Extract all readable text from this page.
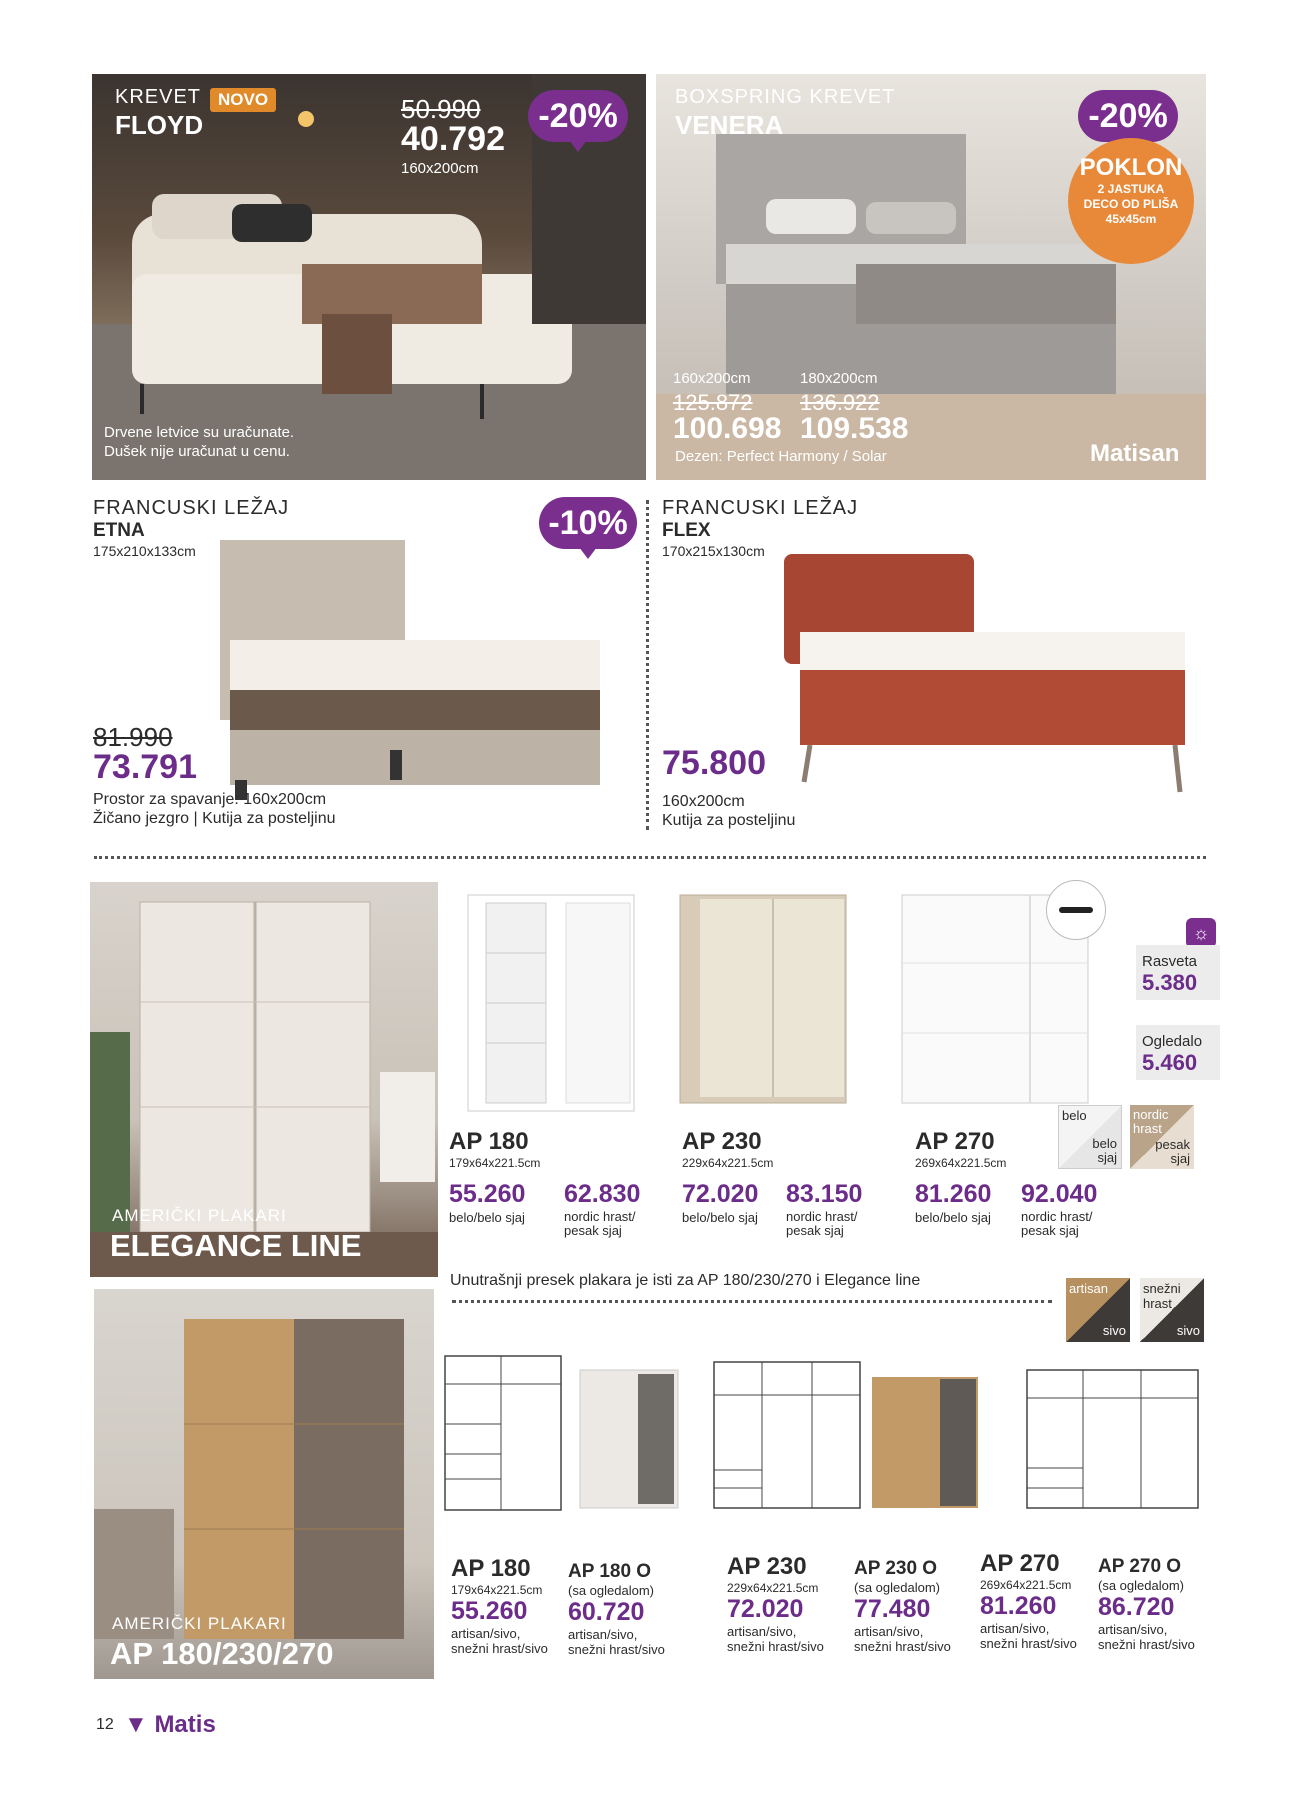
KREVET NOVO
FLOYD
50.990
40.792
160x200cm
-20%
Drvene letvice su uračunate.
Dušek nije uračunat u cenu.
BOXSPRING KREVET
VENERA	-20%
POKLON
2 JASTUKA
DECO OD PLIŠA
45x45cm
160x200cm
125.872
100.698
180x200cm
136.922
109.538
Dezen: Perfect Harmony / Solar	Matisan
FRANCUSKI LEŽAJ
ETNA
175x210x133cm
-10%
81.990
73.791
Prostor za spavanje: 160x200cm
Žičano jezgro | Kutija za posteljinu
FRANCUSKI LEŽAJ
FLEX
170x215x130cm
75.800
160x200cm
Kutija za posteljinu
AMERIČKI PLAKARI
ELEGANCE LINE
☼
Rasveta
5.380
Ogledalo
5.460
belo
belo
sjaj
nordic
hrast
pesak
sjaj
AP 180
179x64x221.5cm
55.260
belo/belo sjaj
62.830
nordic hrast/
pesak sjaj
AP 230
229x64x221.5cm
72.020
belo/belo sjaj
83.150
nordic hrast/
pesak sjaj
AP 270
269x64x221.5cm
81.260
belo/belo sjaj
92.040
nordic hrast/
pesak sjaj
Unutrašnji presek plakara je isti za AP 180/230/270 i Elegance line	artisan
sivo
snežni
hrast
sivo
AMERIČKI PLAKARI
AP 180/230/270
AP 180
179x64x221.5cm
55.260
artisan/sivo,
snežni hrast/sivo
AP 180 O
(sa ogledalom)
60.720
artisan/sivo,
snežni hrast/sivo
AP 230
229x64x221.5cm
72.020
artisan/sivo,
snežni hrast/sivo
AP 230 O
(sa ogledalom)
77.480
artisan/sivo,
snežni hrast/sivo
AP 270
269x64x221.5cm
81.260
artisan/sivo,
snežni hrast/sivo
AP 270 O
(sa ogledalom)
86.720
artisan/sivo,
snežni hrast/sivo
12 ▼ Matis
